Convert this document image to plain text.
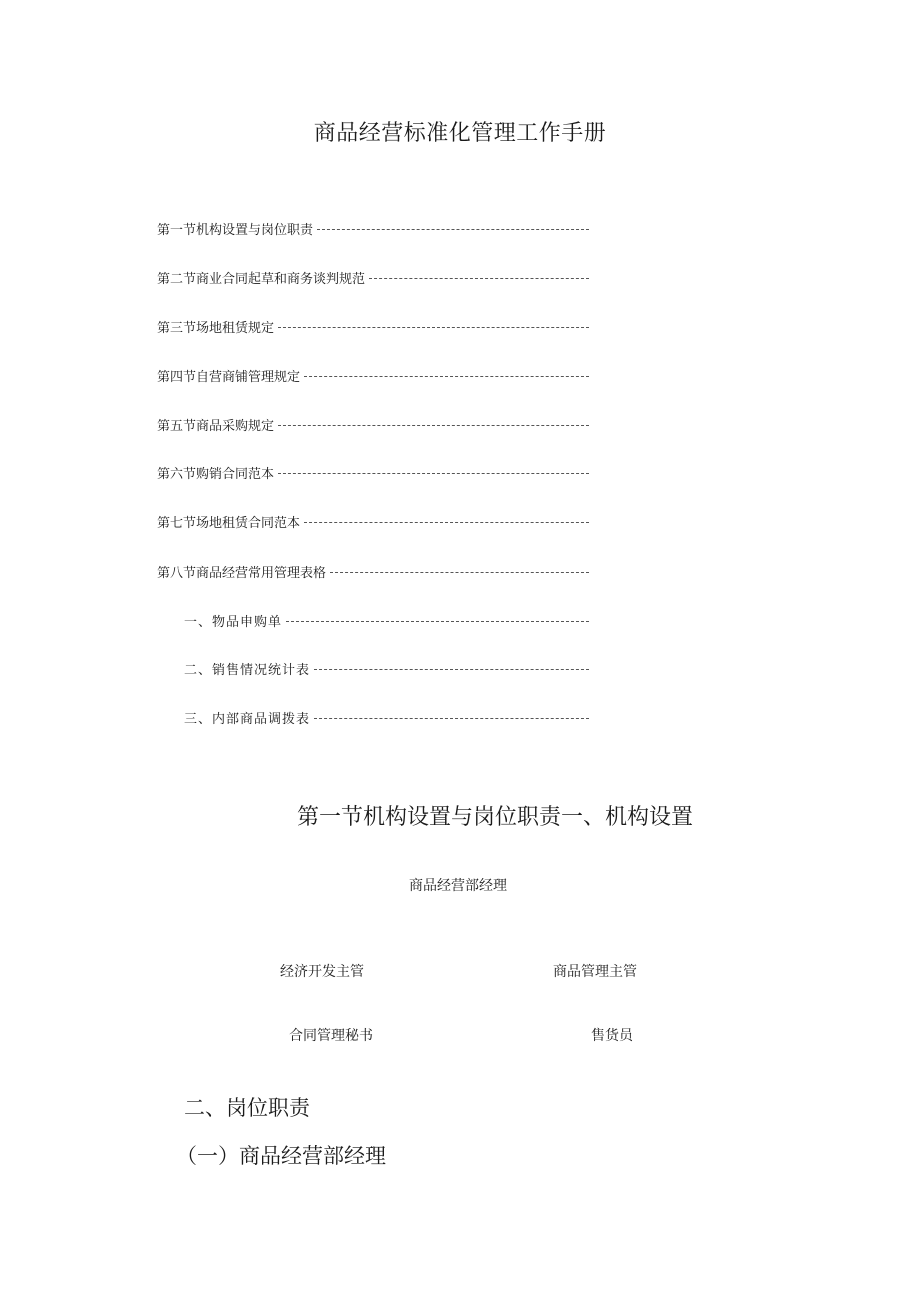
商品经营标准化管理工作手册
第一节机构设置与岗位职责
第二节商业合同起草和商务谈判规范
第三节场地租赁规定
第四节自营商铺管理规定
第五节商品采购规定
第六节购销合同范本
第七节场地租赁合同范本
第八节商品经营常用管理表格
一、物品申购单
二、销售情况统计表
三、内部商品调拨表
第一节机构设置与岗位职责一、机构设置
商品经营部经理
经济开发主管	商品管理主管
合同管理秘书	售货员
二、岗位职责
（一）商品经营部经理
